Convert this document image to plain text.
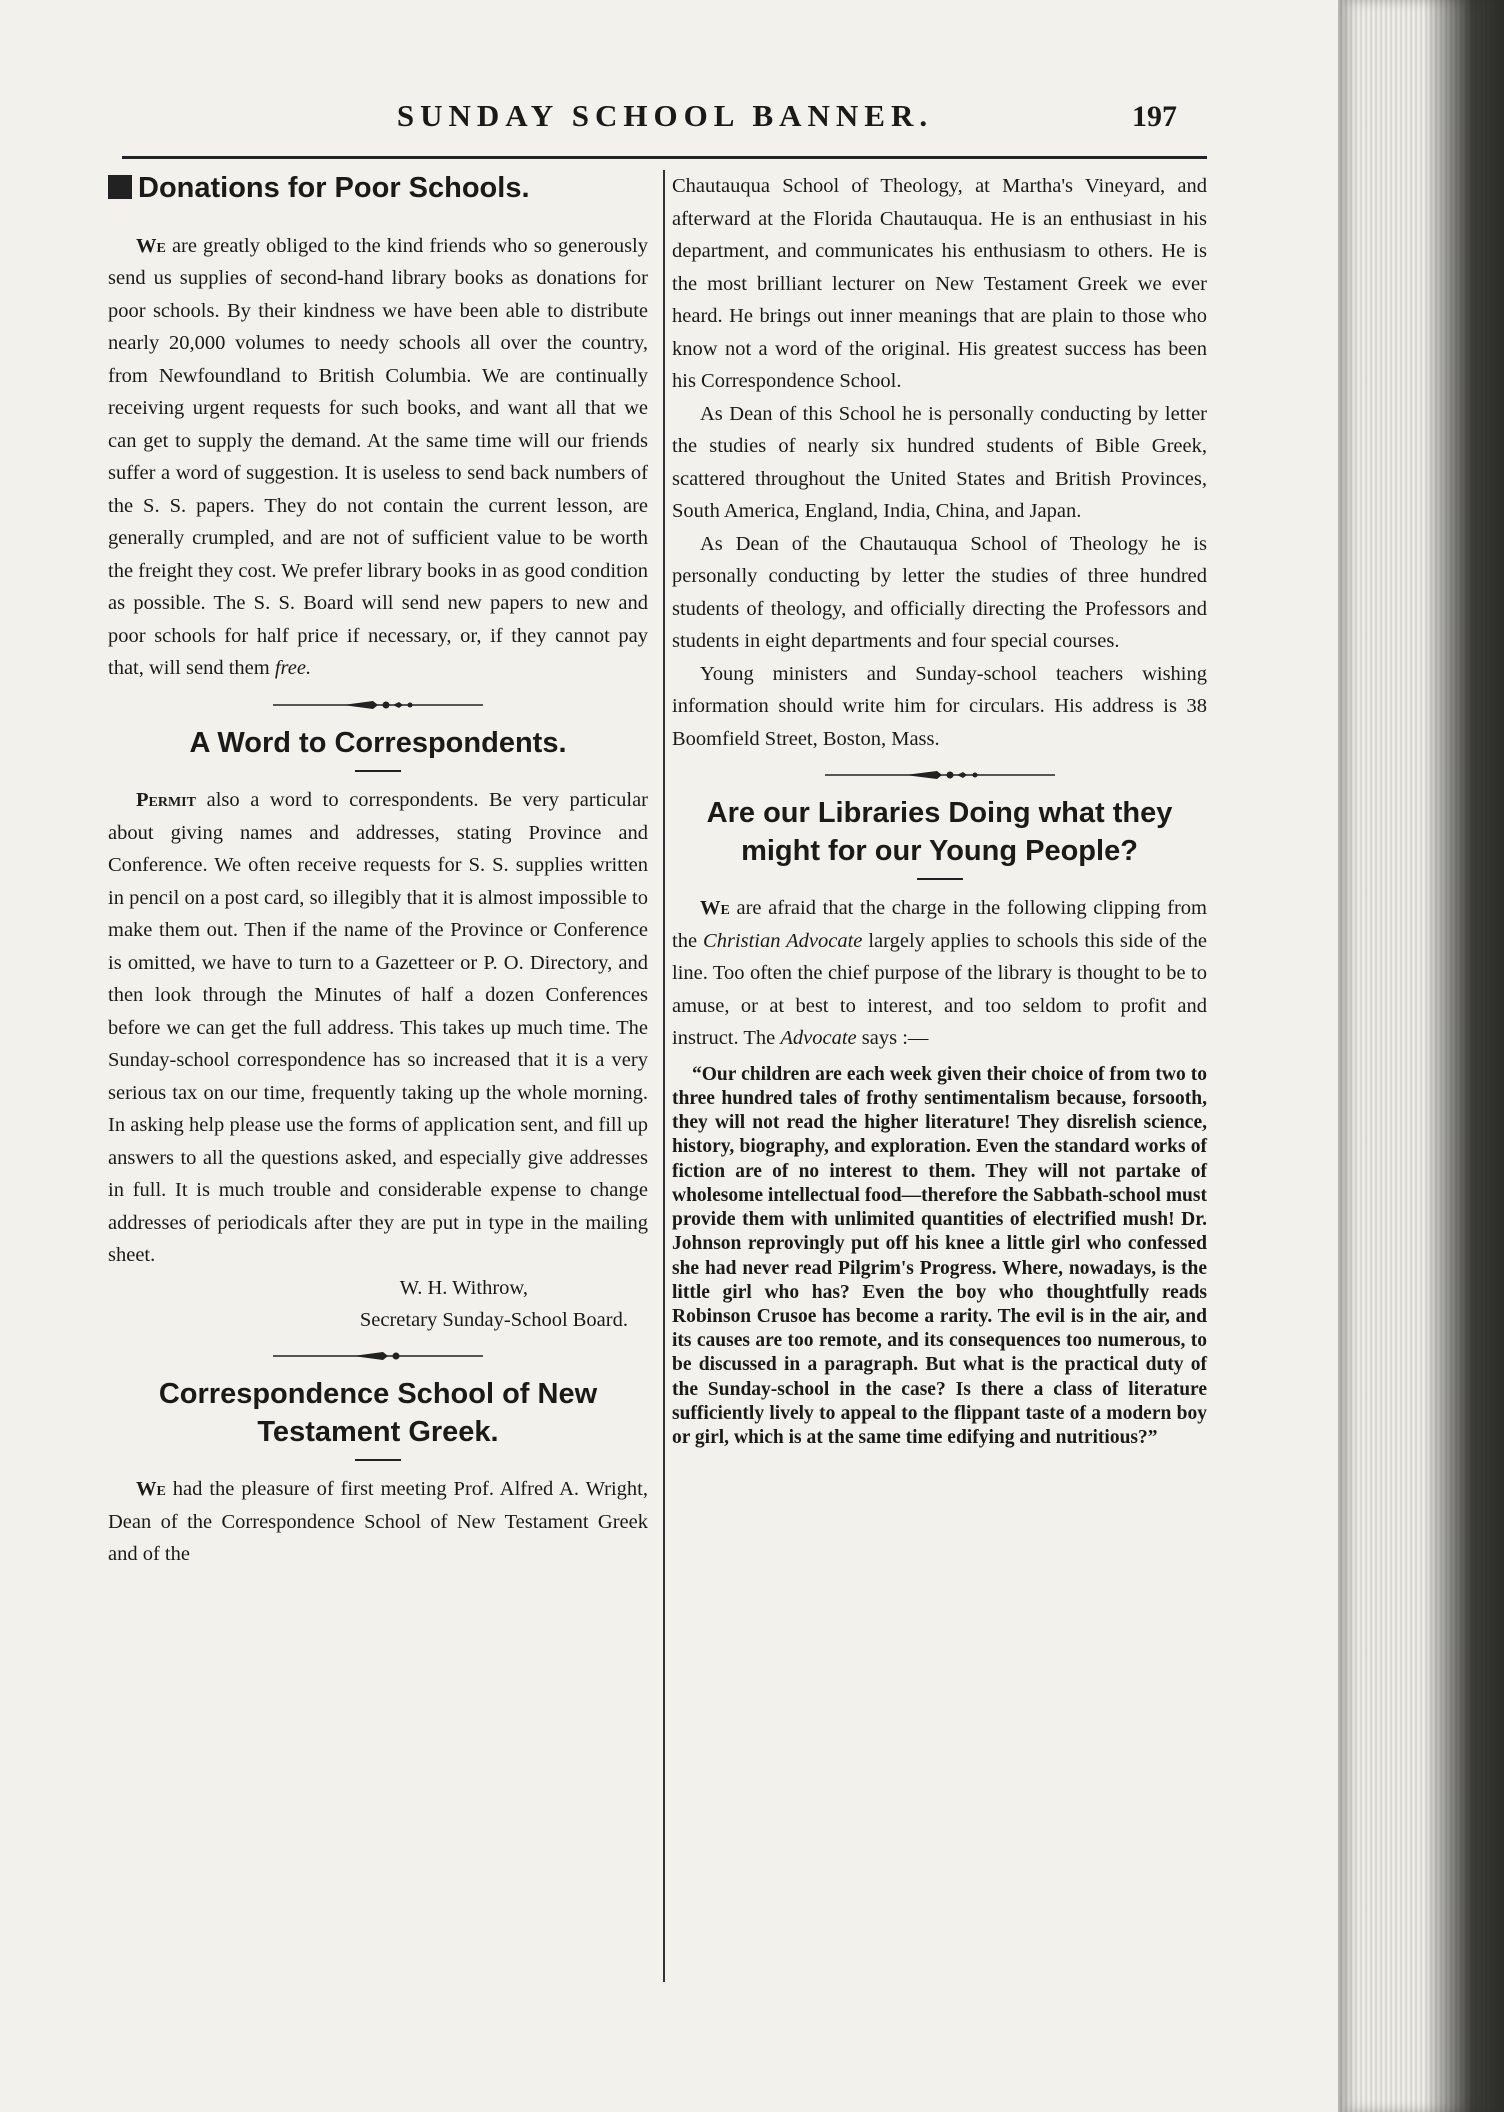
SUNDAY SCHOOL BANNER.	197
Donations for Poor Schools.

We are greatly obliged to the kind friends who so generously send us supplies of second-hand library books as donations for poor schools. By their kindness we have been able to distribute nearly 20,000 volumes to needy schools all over the country, from Newfoundland to British Columbia. We are continually receiving urgent requests for such books, and want all that we can get to supply the demand. At the same time will our friends suffer a word of suggestion. It is useless to send back numbers of the S. S. papers. They do not contain the current lesson, are generally crumpled, and are not of sufficient value to be worth the freight they cost. We prefer library books in as good condition as possible. The S. S. Board will send new papers to new and poor schools for half price if necessary, or, if they cannot pay that, will send them free.

A Word to Correspondents.

Permit also a word to correspondents. Be very particular about giving names and addresses, stating Province and Conference. We often receive requests for S. S. supplies written in pencil on a post card, so illegibly that it is almost impossible to make them out. Then if the name of the Province or Conference is omitted, we have to turn to a Gazetteer or P. O. Directory, and then look through the Minutes of half a dozen Conferences before we can get the full address. This takes up much time. The Sunday-school correspondence has so increased that it is a very serious tax on our time, frequently taking up the whole morning. In asking help please use the forms of application sent, and fill up answers to all the questions asked, and especially give addresses in full. It is much trouble and considerable expense to change addresses of periodicals after they are put in type in the mailing sheet.

W. H. Withrow,
Secretary Sunday-School Board.
Correspondence School of New
Testament Greek.

We had the pleasure of first meeting Prof. Alfred A. Wright, Dean of the Correspondence School of New Testament Greek and of the

Chautauqua School of Theology, at Martha's Vineyard, and afterward at the Florida Chautauqua. He is an enthusiast in his department, and communicates his enthusiasm to others. He is the most brilliant lecturer on New Testament Greek we ever heard. He brings out inner meanings that are plain to those who know not a word of the original. His greatest success has been his Correspondence School.

As Dean of this School he is personally conducting by letter the studies of nearly six hundred students of Bible Greek, scattered throughout the United States and British Provinces, South America, England, India, China, and Japan.

As Dean of the Chautauqua School of Theology he is personally conducting by letter the studies of three hundred students of theology, and officially directing the Professors and students in eight departments and four special courses.

Young ministers and Sunday-school teachers wishing information should write him for circulars. His address is 38 Boomfield Street, Boston, Mass.

Are our Libraries Doing what they
might for our Young People?

We are afraid that the charge in the following clipping from the Christian Advocate largely applies to schools this side of the line. Too often the chief purpose of the library is thought to be to amuse, or at best to interest, and too seldom to profit and instruct. The Advocate says :—

“Our children are each week given their choice of from two to three hundred tales of frothy sentimentalism because, forsooth, they will not read the higher literature! They disrelish science, history, biography, and exploration. Even the standard works of fiction are of no interest to them. They will not partake of wholesome intellectual food—therefore the Sabbath-school must provide them with unlimited quantities of electrified mush! Dr. Johnson reprovingly put off his knee a little girl who confessed she had never read Pilgrim's Progress. Where, nowadays, is the little girl who has? Even the boy who thoughtfully reads Robinson Crusoe has become a rarity. The evil is in the air, and its causes are too remote, and its consequences too numerous, to be discussed in a paragraph. But what is the practical duty of the Sunday-school in the case? Is there a class of literature sufficiently lively to appeal to the flippant taste of a modern boy or girl, which is at the same time edifying and nutritious?”
